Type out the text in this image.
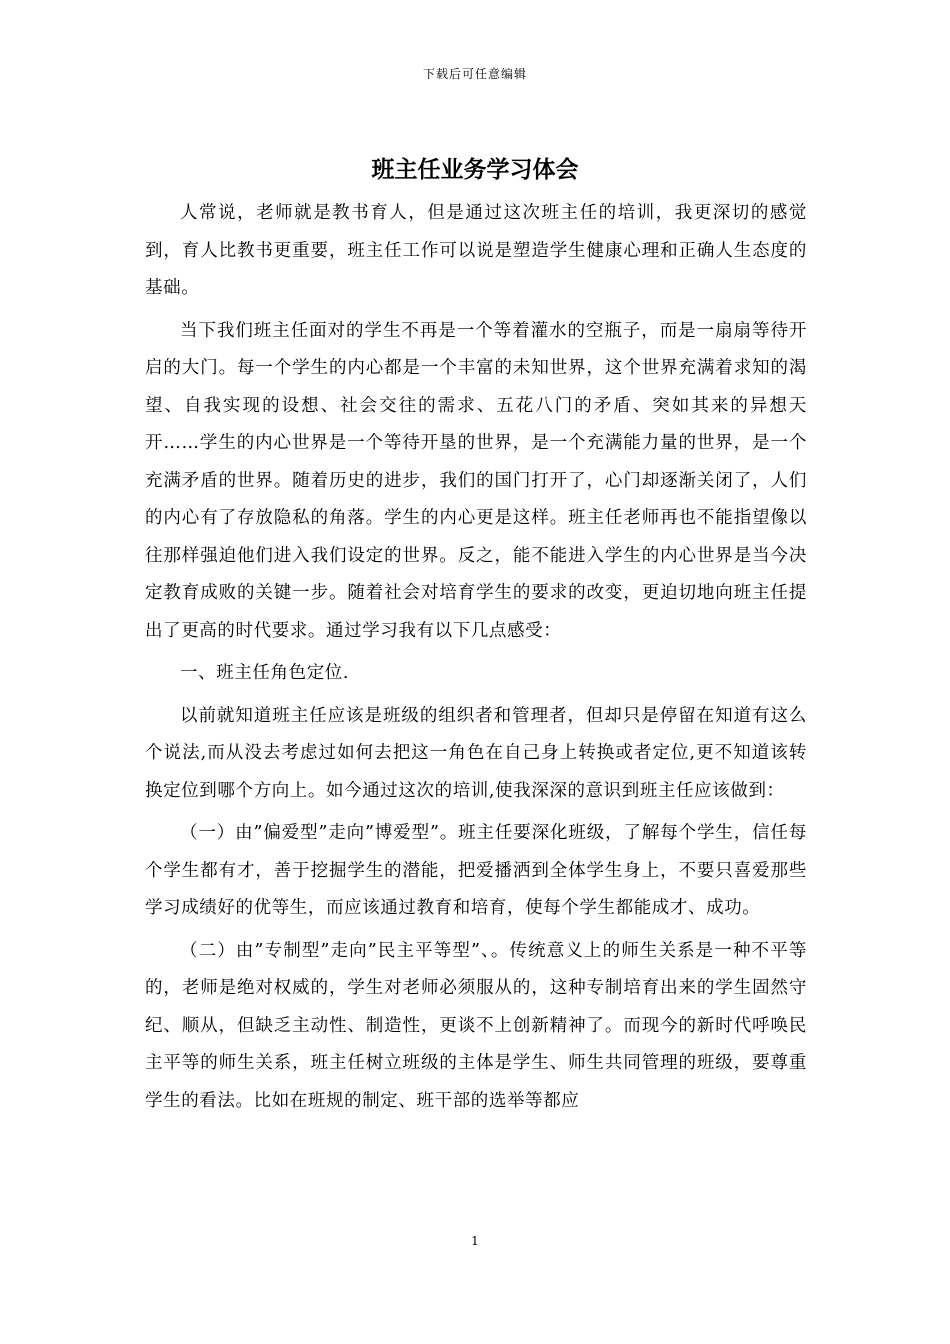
下载后可任意编辑
班主任业务学习体会

人常说，老师就是教书育人，但是通过这次班主任的培训，我更深切的感觉到，育人比教书更重要，班主任工作可以说是塑造学生健康心理和正确人生态度的基础。

当下我们班主任面对的学生不再是一个等着灌水的空瓶子，而是一扇扇等待开启的大门。每一个学生的内心都是一个丰富的未知世界，这个世界充满着求知的渴望、自我实现的设想、社会交往的需求、五花八门的矛盾、突如其来的异想天开……学生的内心世界是一个等待开垦的世界，是一个充满能力量的世界，是一个充满矛盾的世界。随着历史的进步，我们的国门打开了，心门却逐渐关闭了，人们的内心有了存放隐私的角落。学生的内心更是这样。班主任老师再也不能指望像以往那样强迫他们进入我们设定的世界。反之，能不能进入学生的内心世界是当今决定教育成败的关键一步。随着社会对培育学生的要求的改变，更迫切地向班主任提出了更高的时代要求。通过学习我有以下几点感受：

一、班主任角色定位.

以前就知道班主任应该是班级的组织者和管理者，但却只是停留在知道有这么个说法,而从没去考虑过如何去把这一角色在自己身上转换或者定位,更不知道该转换定位到哪个方向上。如今通过这次的培训,使我深深的意识到班主任应该做到：

（一）由”偏爱型”走向”博爱型”。班主任要深化班级，了解每个学生，信任每个学生都有才，善于挖掘学生的潜能，把爱播洒到全体学生身上，不要只喜爱那些学习成绩好的优等生，而应该通过教育和培育，使每个学生都能成才、成功。

（二）由”专制型”走向”民主平等型”、。传统意义上的师生关系是一种不平等的，老师是绝对权威的，学生对老师必须服从的，这种专制培育出来的学生固然守纪、顺从，但缺乏主动性、制造性，更谈不上创新精神了。而现今的新时代呼唤民主平等的师生关系，班主任树立班级的主体是学生、师生共同管理的班级，要尊重学生的看法。比如在班规的制定、班干部的选举等都应

1
